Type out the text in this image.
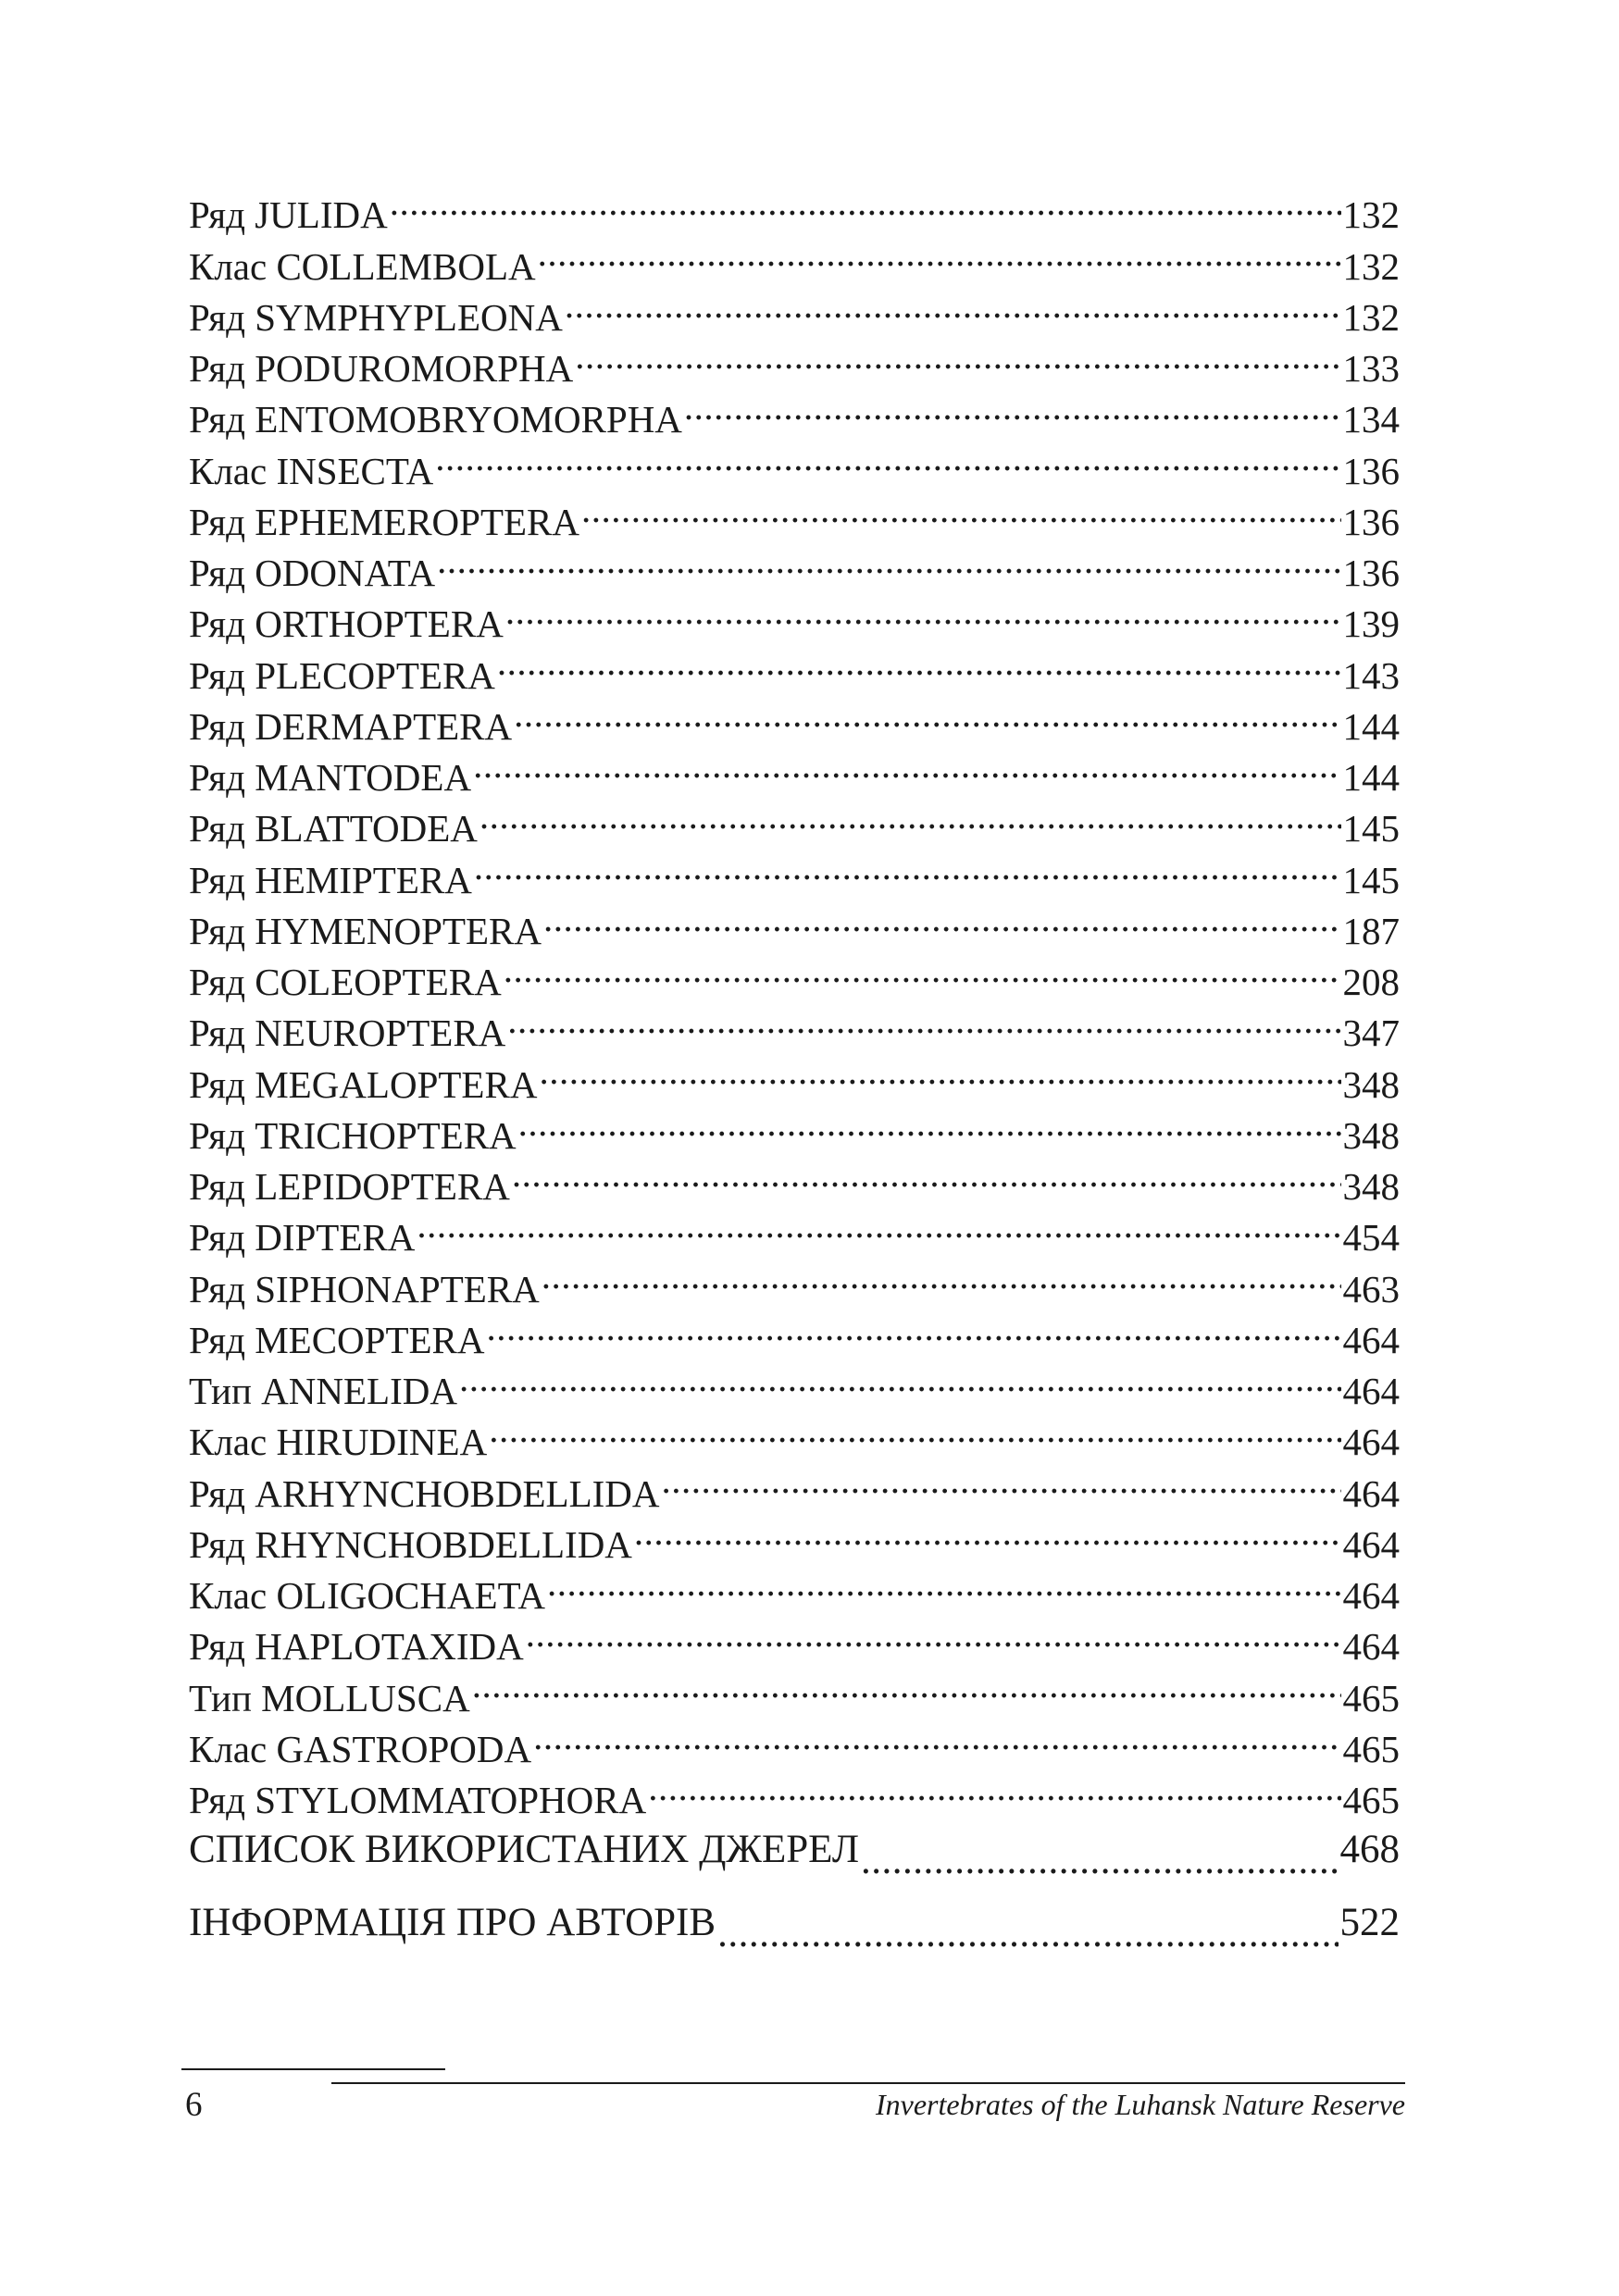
Ряд JULIDA .....	132
Клас COLLEMBOLA .....	132
Ряд SYMPHYPLEONA .....	132
Ряд PODUROMORPHA .....	133
Ряд ENTOMOBRYOMORPHA .....	134
Клас INSECTA .....	136
Ряд EPHEMEROPTERA .....	136
Ряд ODONATA .....	136
Ряд ORTHOPTERA .....	139
Ряд PLECOPTERA .....	143
Ряд DERMAPTERA .....	144
Ряд MANTODEA .....	144
Ряд BLATTODEA .....	145
Ряд HEMIPTERA .....	145
Ряд HYMENOPTERA .....	187
Ряд COLEOPTERA .....	208
Ряд NEUROPTERA .....	347
Ряд MEGALOPTERA .....	348
Ряд TRICHOPTERA .....	348
Ряд LEPIDOPTERA .....	348
Ряд DIPTERA .....	454
Ряд SIPHONAPTERA .....	463
Ряд MECOPTERA .....	464
Тип ANNELIDA .....	464
Клас HIRUDINEA .....	464
Ряд ARHYNCHOBDELLIDA .....	464
Ряд RHYNCHOBDELLIDA .....	464
Клас OLIGOCHAETA .....	464
Ряд HAPLOTAXIDA .....	464
Тип MOLLUSCA .....	465
Клас GASTROPODA .....	465
Ряд STYLOMMATOPHORA .....	465
СПИСОК ВИКОРИСТАНИХ ДЖЕРЕЛ .....	468
ІНФОРМАЦІЯ ПРО АВТОРІВ .....	522
6	Invertebrates of the Luhansk Nature Reserve
